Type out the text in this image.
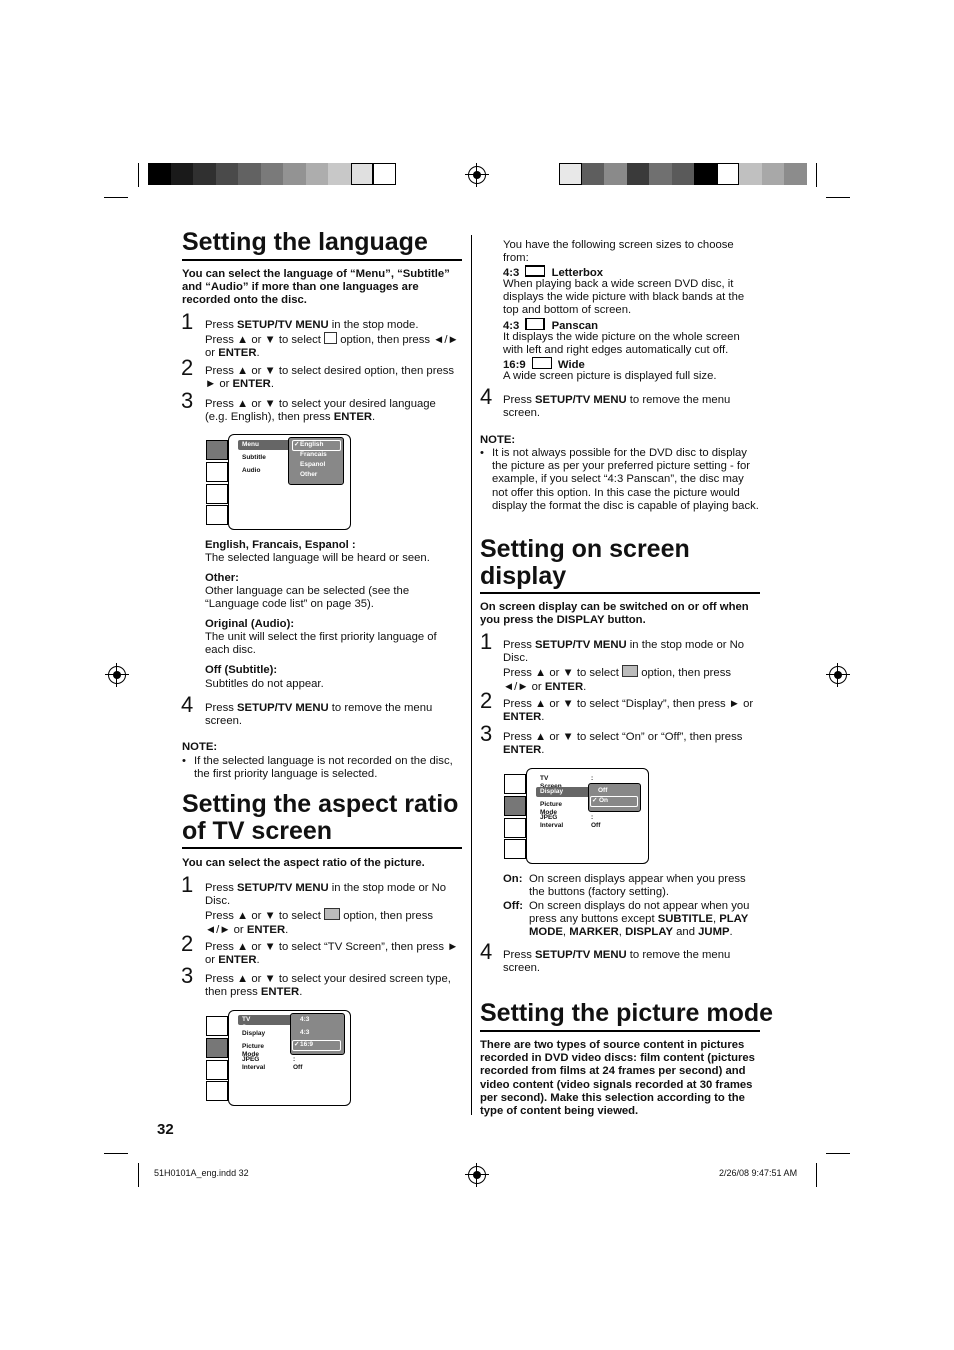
Setting the language
You can select the language of “Menu”, “Subtitle” and “Audio” if more than one languages are recorded onto the disc.
1 Press SETUP/TV MENU in the stop mode.
Press ▲ or ▼ to select  option, then press ◄/►
or ENTER.
2 Press ▲ or ▼ to select desired option, then press
► or ENTER.
3 Press ▲ or ▼ to select your desired language
(e.g. English), then press ENTER.
Menu
Subtitle
Audio
✓ English
Francais
Espanol
Other
English, Francais, Espanol :
The selected language will be heard or seen.
Other:
Other language can be selected (see the “Language code list” on page 35).
Original (Audio):
The unit will select the first priority language of each disc.
Off (Subtitle):
Subtitles do not appear.
4 Press SETUP/TV MENU to remove the menu
screen.
NOTE:
• If the selected language is not recorded on the disc, the first priority language is selected.
Setting the aspect ratio
of TV screen
You can select the aspect ratio of the picture.
1 Press SETUP/TV MENU in the stop mode or No
Disc.
Press ▲ or ▼ to select  option, then press
◄/► or ENTER.
2 Press ▲ or ▼ to select “TV Screen”, then press ►
or ENTER.
3 Press ▲ or ▼ to select your desired screen type,
then press ENTER.
TV Screen
Display
Picture Mode
JPEG Interval
: Off
4:3
4:3
✓ 16:9
32
You have the following screen sizes to choose from:
4:3	Letterbox
When playing back a wide screen DVD disc, it displays the wide picture with black bands at the top and bottom of screen.
4:3	Panscan
It displays the wide picture on the whole screen with left and right edges automatically cut off.
16:9	Wide
A wide screen picture is displayed full size.
4 Press SETUP/TV MENU to remove the menu
screen.
NOTE:
• It is not always possible for the DVD disc to display the picture as per your preferred picture setting - for example, if you select “4:3 Panscan”, the disc may not offer this option. In this case the picture would display the format the disc is capable of playing back.
Setting on screen
display
On screen display can be switched on or off when you press the DISPLAY button.
1 Press SETUP/TV MENU in the stop mode or No
Disc.
Press ▲ or ▼ to select  option, then press
◄/► or ENTER.
2 Press ▲ or ▼ to select “Display”, then press ► or
ENTER.
3 Press ▲ or ▼ to select “On” or “Off”, then press
ENTER.
TV	:
Display
Picture Mode
JPEG Interval
: Off
Off
✓ On
On: On screen displays appear when you press the buttons (factory setting).
Off: On screen displays do not appear when you press any buttons except SUBTITLE, PLAY MODE, MARKER, DISPLAY and JUMP.
4 Press SETUP/TV MENU to remove the menu
screen.
Setting the picture mode
There are two types of source content in pictures recorded in DVD video discs: film content (pictures recorded from films at 24 frames per second) and video content (video signals recorded at 30 frames per second). Make this selection according to the type of content being viewed.
51H0101A_eng.indd 32	2/26/08 9:47:51 AM
